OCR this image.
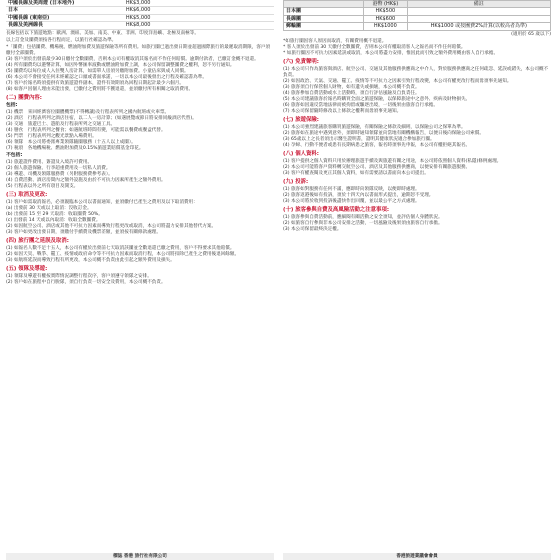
中國長線及美周遊 (日本地外)	HK$3,000
日本	HK$6,000
中國長線 (東南亞)	HK$5,000
長線及美洲線長	HK$8,000

長線包括以下旅遊地點：歐洲、澳紐、美加、南美、中東、非洲、印度洋島嶼、北極及南極等。

以上訂金及團費須按各行程而定，以旅行社確認為準。

*「團費」包括團費、機場稅、燃油附加費及旅遊保險等所有費用。如旅行團已過出發日期並超過國際旅行的最遲取消期限，客戶須繳付全部團費。

(3) 客戶須於出發前最少30日繳付全數團費，否則本公司有權取消其報名而不作任何賠償。逾期付款者，已繳訂金概不退還。

(4) 所有團費均以港幣計算，如因外幣匯率波動或燃油附加費上調，本公司保留調整團費之權利，恕不另行通知。

(5) 團費均以每位成人入住雙人房計算，如需單人房須另繳附加費。小童佔床與成人同價。

(6) 本公司不會接受任何未經確認之口頭或書面承諾，一切以本公司最後發出之行程及確認書為準。

(7) 客戶於報名時須提供有效旅遊證件副本，證件有效期須為回程日期起計最少六個月。

(8) 如客戶因個人理由未能出發，已繳付之費用將不獲退還，並須繳付所有相關之取消費用。

(二) 團費內容:
包括:

(1) 機票　來回經濟客位團體機票(不得轉讓)及行程表所列之國內航班或火車票。

(2) 酒店　行程表所列之酒店住宿，以二人一房計算；(如遇展覽或節日將安排同級酒店代替)。

(3) 交通　旅遊巴士、遊船及行程表所列之交通工具。

(4) 膳食　行程表所列之餐食；如遇航班時間有變，可能需以餐費或餐盒代替。

(5) 門票　行程表所列之觀光景點入場費用。

(6) 領隊　本公司將委派專業領隊隨團服務（十五人以上成團）。

(7) 稅項　各地機場稅、燃油附加費及0.15%旅遊業賠償基金印花。

不包括:

(1) 旅遊證件費用、簽證及入境許可費用。

(2) 個人旅遊保險、行李超重費用及一切私人消費。

(3) 導遊、司機及領隊服務費（另附服務費參考表）。

(4) 自費活動、酒店房間內之額外設施及由於不可抗力因素所產生之額外費用。

(5) 行程表以外之所有項目及開支。

(三) 取消及更改:

(1) 客戶如需取消報名，必須親臨本公司以書面通知，並須繳付已產生之費用及以下取消費用：

(a) 出發前 30 天或以上取消：沒收訂金。

(b) 出發前 15 至 29 天取消：收取團費 50%。

(c) 出發前 14 天或以內取消：收取全數團費。

(2) 如因航空公司、酒店或其他不可抗力因素而導致行程更改或取消，本公司將盡力安排其他替代方案。

(3) 客戶如更改出發日期，須繳付手續費及機票差額，並須按有關條款處理。

(四) 旅行團之延誤及取消:

(1) 如報名人數不足十五人，本公司有權於出發前七天取消該團並全數退還已繳之費用，客戶不得要求其他賠償。

(2) 如因天災、戰爭、罷工、疫情或政府命令等不可抗力因素而取消行程，本公司將扣除已產生之費用後退回餘額。

(3) 如航班延誤而導致行程有所更改，本公司概不負責由此引起之額外費用及損失。

(五) 領隊及導遊:

(1) 領隊及導遊有權按實際情況調整行程次序，客戶須遵守領隊之安排。

(2) 客戶如在旅程中自行脫隊，須自行負責一切安全及費用，本公司概不負責。

標誌 香港 旅行社有限公司
	港幣 (HK$)	備註
日本團	HK$500	
長線團	HK$600	
郵輪團	HK$1000	HK$1000 或按團費2%計算(以較高者為準)

(適用於 65 歲以下)

*如旅行團因客人原因而取消，有關費用概不退還。

* 客人須於出發前 30 天繳付全數團費，否則本公司有權取消客人之報名而不作任何賠償。

* 如旅行團因不可抗力因素延誤或取消，本公司將盡力安排，惟因此而引致之額外費用概由客人自行承擔。

(六) 免責聲明:

(1) 本公司只作為旅客與酒店、航空公司、交通及其他服務供應商之中介人，對於服務供應商之任何疏忽、延誤或錯失，本公司概不負責。

(2) 如因政治、天氣、交通、罷工、疫情等不可抗力之因素引致行程改變，本公司有權更改行程而毋須事先通知。

(3) 旅客須自行保管個人財物，如有遺失或損壞，本公司概不負責。

(4) 旅客參加自費活動或水上活動時，須自行評估風險及自負責任。

(5) 本公司建議旅客於報名時購買全面之旅遊保險，以保障旅途中之意外、疾病及財物損失。

(6) 旅客如因違反當地法律而被拘留或驅逐出境，一切後果由旅客自行承擔。

(7) 本公司保留隨時修改以上條款之權利而毋須事先通知。

(七) 旅遊保險:

(1) 本公司強烈建議旅客購買旅遊保險，有關保險之條款及細則，以保險公司之保單為準。

(2) 旅客如在旅途中遇到意外，須即時通知領隊並向當地有關機構報告，以便日後向保險公司索償。

(3) 65歲以上之長者須出示醫生證明書，證明其健康狀況適合參加旅行團。

(4) 孕婦、行動不便者或患有長期病患之旅客，報名時須事先申報，本公司有權拒絕其報名。

(八) 個人資料:

(1) 客戶提供之個人資料只用於辦理旅遊手續及與旅遊有關之用途，本公司將依照個人資料(私隱)條例處理。

(2) 本公司可能將客戶資料轉交航空公司、酒店及其他服務供應商，以便安排有關旅遊服務。

(3) 客戶有權查閱及更正其個人資料，如有需要請以書面向本公司提出。

(九) 投訴:

(1) 旅客如對服務有任何不滿，應即時向領隊反映，以便即時處理。

(2) 旅客返港後如有投訴，須於十四天內以書面形式提出，逾期恕不受理。

(3) 本公司將於收到投訴後盡快作出回覆，並以最公平之方式處理。

(十) 旅客參與自費及高風險活動之注意事項:

(1) 旅客參與自費活動前，應細閱有關活動之安全須知，並評估個人身體狀況。

(2) 如旅客自行參與非本公司安排之活動，一切風險及後果須由旅客自行承擔。

(3) 本公司保留最終決定權。

香港旅遊業議會會員
